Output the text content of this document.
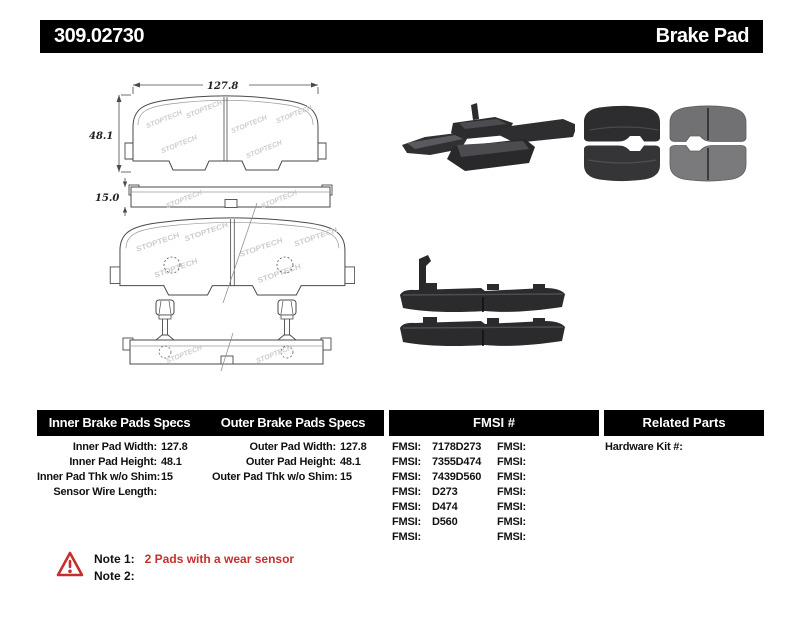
309.02730	Brake Pad
127.8
48.1
STOPTECH	STOPTECH
15.0
STOPTECH	STOPTECH
Inner Brake Pads Specs	Outer Brake Pads Specs	FMSI #	Related Parts
Inner Pad Width: 127.8
Inner Pad Height: 48.1
Inner Pad Thk w/o Shim: 15
Sensor Wire Length:
Outer Pad Width: 127.8
Outer Pad Height: 48.1
Outer Pad Thk w/o Shim: 15
FMSI:	7178D273
FMSI:	7355D474
FMSI:	7439D560
FMSI:	D273
FMSI:	D474
FMSI:	D560
FMSI:
FMSI:
FMSI:
FMSI:
FMSI:
FMSI:
FMSI:
FMSI:
Hardware Kit #:
Note 1: 2 Pads with a wear sensor
Note 2:
